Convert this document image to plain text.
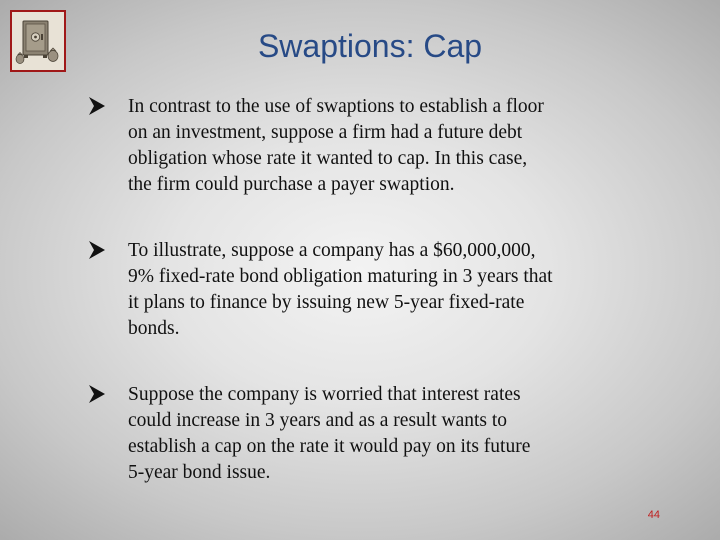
Swaptions: Cap
In contrast to the use of swaptions to establish a floor
on an investment, suppose a firm had a future debt
obligation whose rate it wanted to cap. In this case,
the firm could purchase a payer swaption.
To illustrate, suppose a company has a $60,000,000,
9% fixed-rate bond obligation maturing in 3 years that
it plans to finance by issuing new 5-year fixed-rate
bonds.
Suppose the company is worried that interest rates
could increase in 3 years and as a result wants to
establish a cap on the rate it would pay on its future
5-year bond issue.
44
